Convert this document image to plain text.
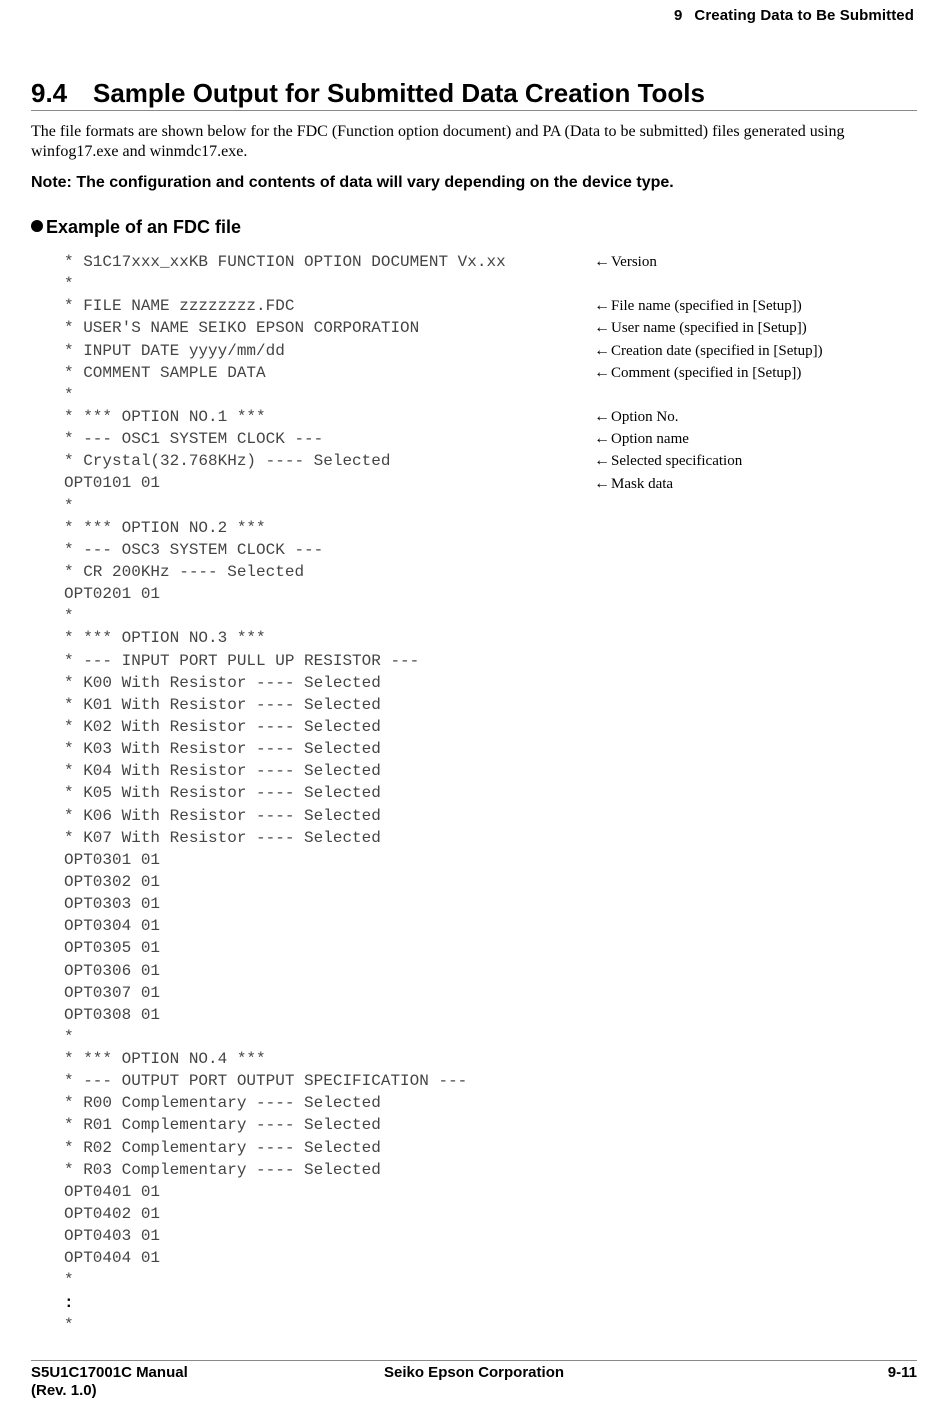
9 Creating Data to Be Submitted
9.4 Sample Output for Submitted Data Creation Tools
The file formats are shown below for the FDC (Function option document) and PA (Data to be submitted) files generated using winfog17.exe and winmdc17.exe.
Note: The configuration and contents of data will vary depending on the device type.
Example of an FDC file
* S1C17xxx_xxKB FUNCTION OPTION DOCUMENT Vx.xx
*
* FILE NAME zzzzzzzz.FDC
* USER'S NAME SEIKO EPSON CORPORATION
* INPUT DATE yyyy/mm/dd
* COMMENT SAMPLE DATA
*
* *** OPTION NO.1 ***
* --- OSC1 SYSTEM CLOCK ---
* Crystal(32.768KHz) ---- Selected
OPT0101 01
*
* *** OPTION NO.2 ***
* --- OSC3 SYSTEM CLOCK ---
* CR 200KHz ---- Selected
OPT0201 01
*
* *** OPTION NO.3 ***
* --- INPUT PORT PULL UP RESISTOR ---
* K00 With Resistor ---- Selected
* K01 With Resistor ---- Selected
* K02 With Resistor ---- Selected
* K03 With Resistor ---- Selected
* K04 With Resistor ---- Selected
* K05 With Resistor ---- Selected
* K06 With Resistor ---- Selected
* K07 With Resistor ---- Selected
OPT0301 01
OPT0302 01
OPT0303 01
OPT0304 01
OPT0305 01
OPT0306 01
OPT0307 01
OPT0308 01
*
* *** OPTION NO.4 ***
* --- OUTPUT PORT OUTPUT SPECIFICATION ---
* R00 Complementary ---- Selected
* R01 Complementary ---- Selected
* R02 Complementary ---- Selected
* R03 Complementary ---- Selected
OPT0401 01
OPT0402 01
OPT0403 01
OPT0404 01
*
:
*
←Version
←File name (specified in [Setup])
←User name (specified in [Setup])
←Creation date (specified in [Setup])
←Comment (specified in [Setup])
←Option No.
←Option name
←Selected specification
←Mask data
S5U1C17001C Manual
(Rev. 1.0)
Seiko Epson Corporation	9-11
